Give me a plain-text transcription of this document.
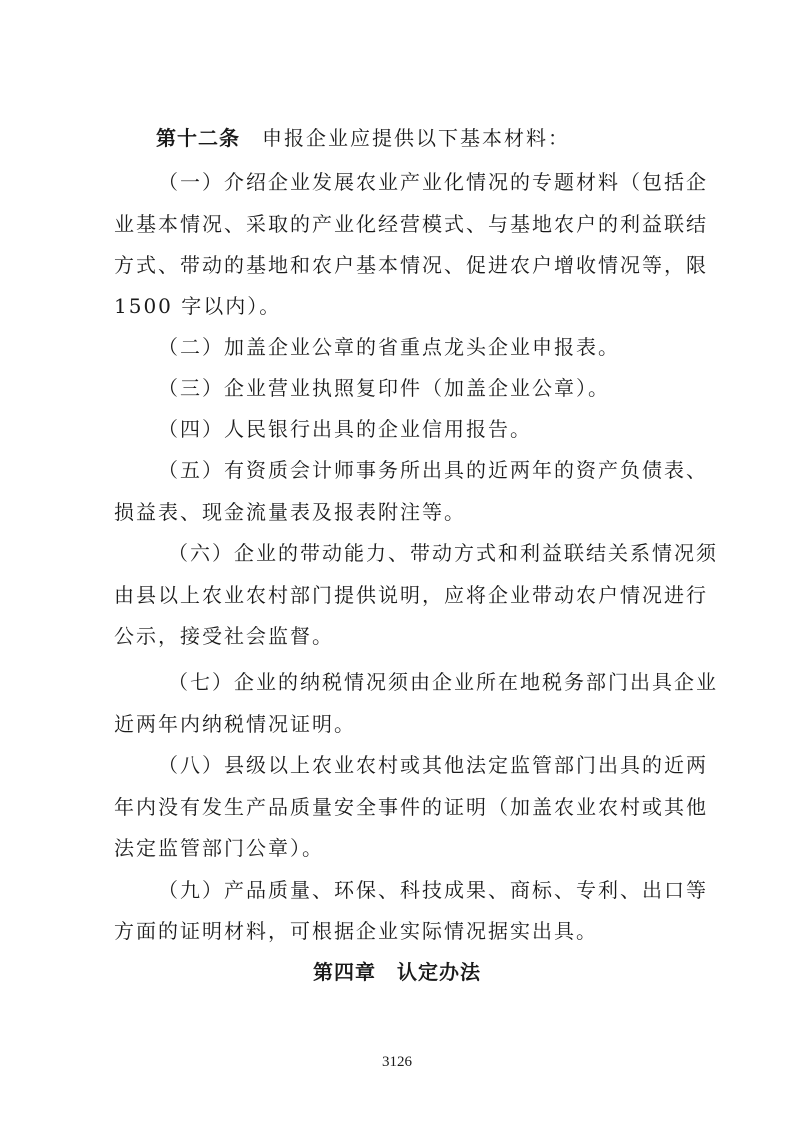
第十二条 申报企业应提供以下基本材料：
（一）介绍企业发展农业产业化情况的专题材料（包括企
业基本情况、采取的产业化经营模式、与基地农户的利益联结
方式、带动的基地和农户基本情况、促进农户增收情况等，限
1500 字以内）。
（二）加盖企业公章的省重点龙头企业申报表。
（三）企业营业执照复印件（加盖企业公章）。
（四）人民银行出具的企业信用报告。
（五）有资质会计师事务所出具的近两年的资产负债表、
损益表、现金流量表及报表附注等。
（六）企业的带动能力、带动方式和利益联结关系情况须
由县以上农业农村部门提供说明，应将企业带动农户情况进行
公示，接受社会监督。
（七）企业的纳税情况须由企业所在地税务部门出具企业
近两年内纳税情况证明。
（八）县级以上农业农村或其他法定监管部门出具的近两
年内没有发生产品质量安全事件的证明（加盖农业农村或其他
法定监管部门公章）。
（九）产品质量、环保、科技成果、商标、专利、出口等
方面的证明材料，可根据企业实际情况据实出具。
第四章　认定办法
3126
